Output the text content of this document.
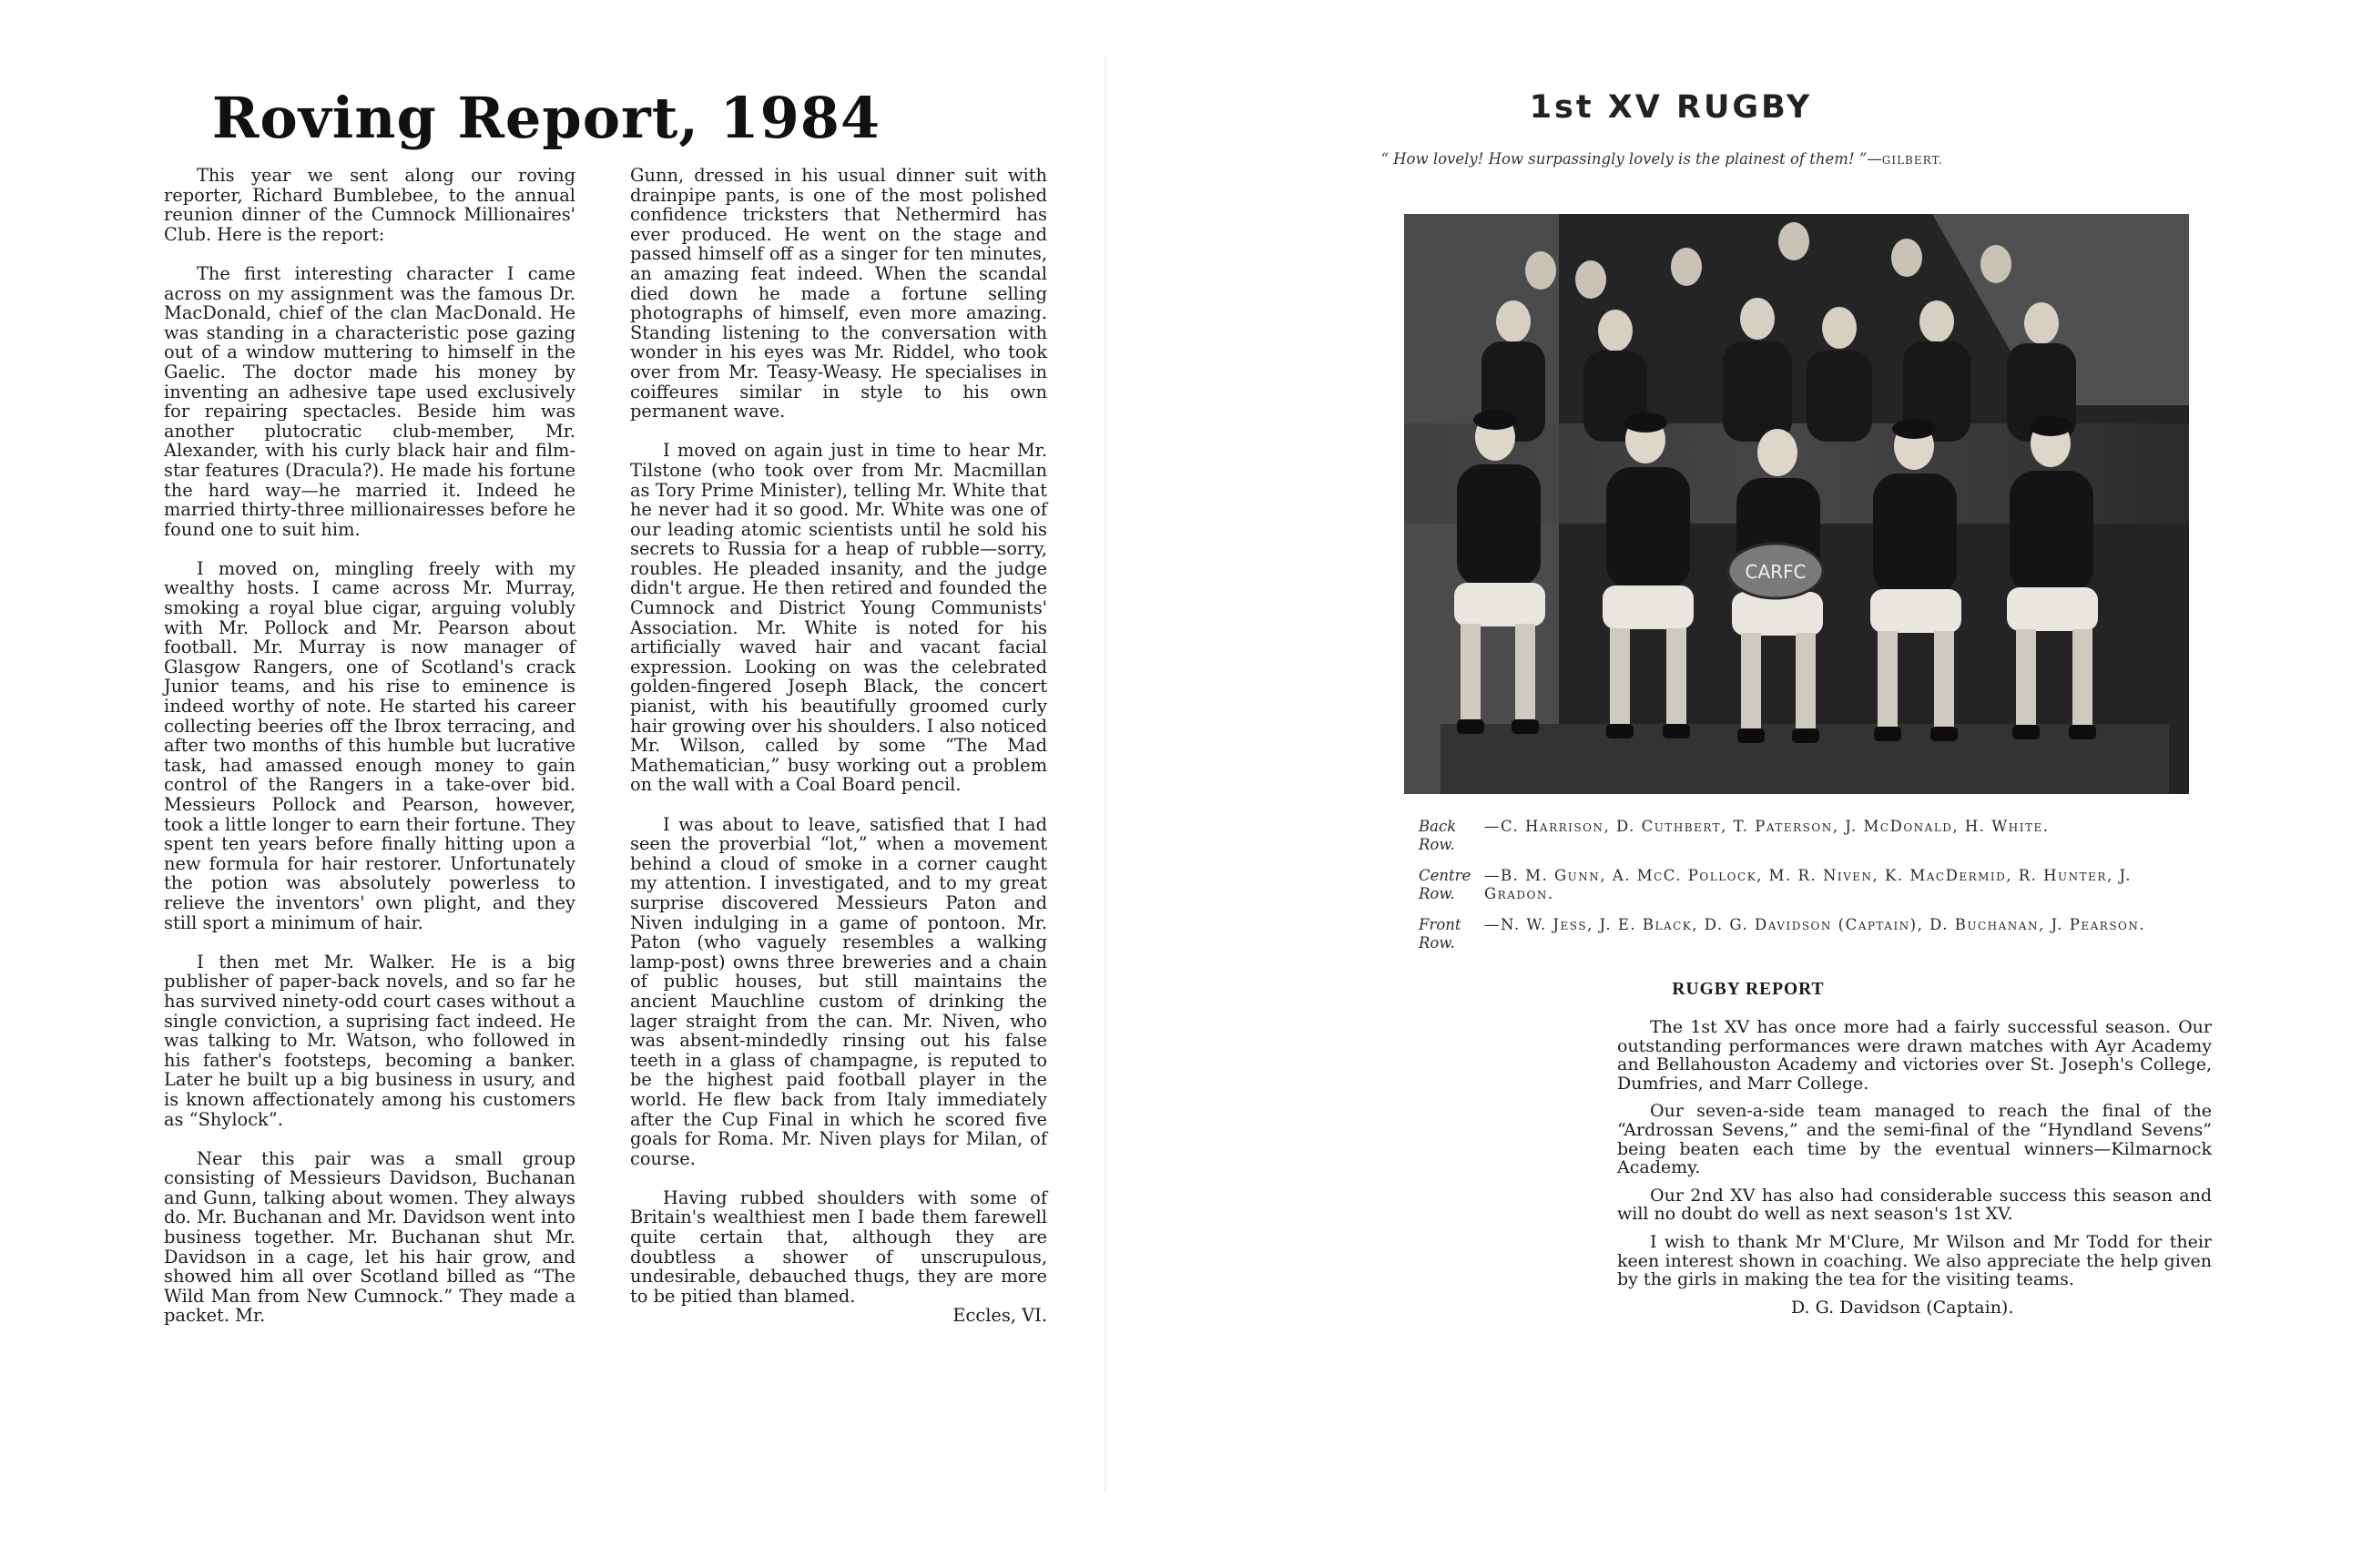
Roving Report, 1984

This year we sent along our roving reporter, Richard Bumblebee, to the annual reunion dinner of the Cumnock Millionaires' Club. Here is the report:

The first interesting character I came across on my assignment was the famous Dr. MacDonald, chief of the clan MacDonald. He was standing in a characteristic pose gazing out of a window muttering to himself in the Gaelic. The doctor made his money by inventing an adhesive tape used exclusively for repairing spectacles. Beside him was another plutocratic club-member, Mr. Alexander, with his curly black hair and film-star features (Dracula?). He made his fortune the hard way—he married it. Indeed he married thirty-three millionairesses before he found one to suit him.

I moved on, mingling freely with my wealthy hosts. I came across Mr. Murray, smoking a royal blue cigar, arguing volubly with Mr. Pollock and Mr. Pearson about football. Mr. Murray is now manager of Glasgow Rangers, one of Scotland's crack Junior teams, and his rise to eminence is indeed worthy of note. He started his career collecting beeries off the Ibrox terracing, and after two months of this humble but lucrative task, had amassed enough money to gain control of the Rangers in a take-over bid. Messieurs Pollock and Pearson, however, took a little longer to earn their fortune. They spent ten years before finally hitting upon a new formula for hair restorer. Unfortunately the potion was absolutely powerless to relieve the inventors' own plight, and they still sport a minimum of hair.

I then met Mr. Walker. He is a big publisher of paper-back novels, and so far he has survived ninety-odd court cases without a single conviction, a suprising fact indeed. He was talking to Mr. Watson, who followed in his father's footsteps, becoming a banker. Later he built up a big business in usury, and is known affectionately among his customers as “Shylock”.

Near this pair was a small group consisting of Messieurs Davidson, Buchanan and Gunn, talking about women. They always do. Mr. Buchanan and Mr. Davidson went into business together. Mr. Buchanan shut Mr. Davidson in a cage, let his hair grow, and showed him all over Scotland billed as “The Wild Man from New Cumnock.” They made a packet. Mr.

Gunn, dressed in his usual dinner suit with drainpipe pants, is one of the most polished confidence tricksters that Nethermird has ever produced. He went on the stage and passed himself off as a singer for ten minutes, an amazing feat indeed. When the scandal died down he made a fortune selling photographs of himself, even more amazing. Standing listening to the conversation with wonder in his eyes was Mr. Riddel, who took over from Mr. Teasy-Weasy. He specialises in coiffeures similar in style to his own permanent wave.

I moved on again just in time to hear Mr. Tilstone (who took over from Mr. Macmillan as Tory Prime Minister), telling Mr. White that he never had it so good. Mr. White was one of our leading atomic scientists until he sold his secrets to Russia for a heap of rubble—sorry, roubles. He pleaded insanity, and the judge didn't argue. He then retired and founded the Cumnock and District Young Communists' Association. Mr. White is noted for his artificially waved hair and vacant facial expression. Looking on was the celebrated golden-fingered Joseph Black, the concert pianist, with his beautifully groomed curly hair growing over his shoulders. I also noticed Mr. Wilson, called by some “The Mad Mathematician,” busy working out a problem on the wall with a Coal Board pencil.

I was about to leave, satisfied that I had seen the proverbial “lot,” when a movement behind a cloud of smoke in a corner caught my attention. I investigated, and to my great surprise discovered Messieurs Paton and Niven indulging in a game of pontoon. Mr. Paton (who vaguely resembles a walking lamp-post) owns three breweries and a chain of public houses, but still maintains the ancient Mauchline custom of drinking the lager straight from the can. Mr. Niven, who was absent-mindedly rinsing out his false teeth in a glass of champagne, is reputed to be the highest paid football player in the world. He flew back from Italy immediately after the Cup Final in which he scored five goals for Roma. Mr. Niven plays for Milan, of course.

Having rubbed shoulders with some of Britain's wealthiest men I bade them farewell quite certain that, although they are doubtless a shower of unscrupulous, undesirable, debauched thugs, they are more to be pitied than blamed.

Eccles, VI.

1st XV RUGBY
“ How lovely! How surpassingly lovely is the plainest of them! ”—GILBERT.
CARFC
Back Row.
—C. Harrison, D. Cuthbert, T. Paterson, J. McDonald, H. White.
Centre Row.
—B. M. Gunn, A. McC. Pollock, M. R. Niven, K. MacDermid, R. Hunter, J. Gradon.
Front Row.
—N. W. Jess, J. E. Black, D. G. Davidson (Captain), D. Buchanan, J. Pearson.
RUGBY REPORT

The 1st XV has once more had a fairly successful season. Our outstanding performances were drawn matches with Ayr Academy and Bellahouston Academy and victories over St. Joseph's College, Dumfries, and Marr College.

Our seven-a-side team managed to reach the final of the “Ardrossan Sevens,” and the semi-final of the “Hyndland Sevens” being beaten each time by the eventual winners—Kilmarnock Academy.

Our 2nd XV has also had considerable success this season and will no doubt do well as next season's 1st XV.

I wish to thank Mr M'Clure, Mr Wilson and Mr Todd for their keen interest shown in coaching. We also appreciate the help given by the girls in making the tea for the visiting teams.

D. G. Davidson (Captain).
